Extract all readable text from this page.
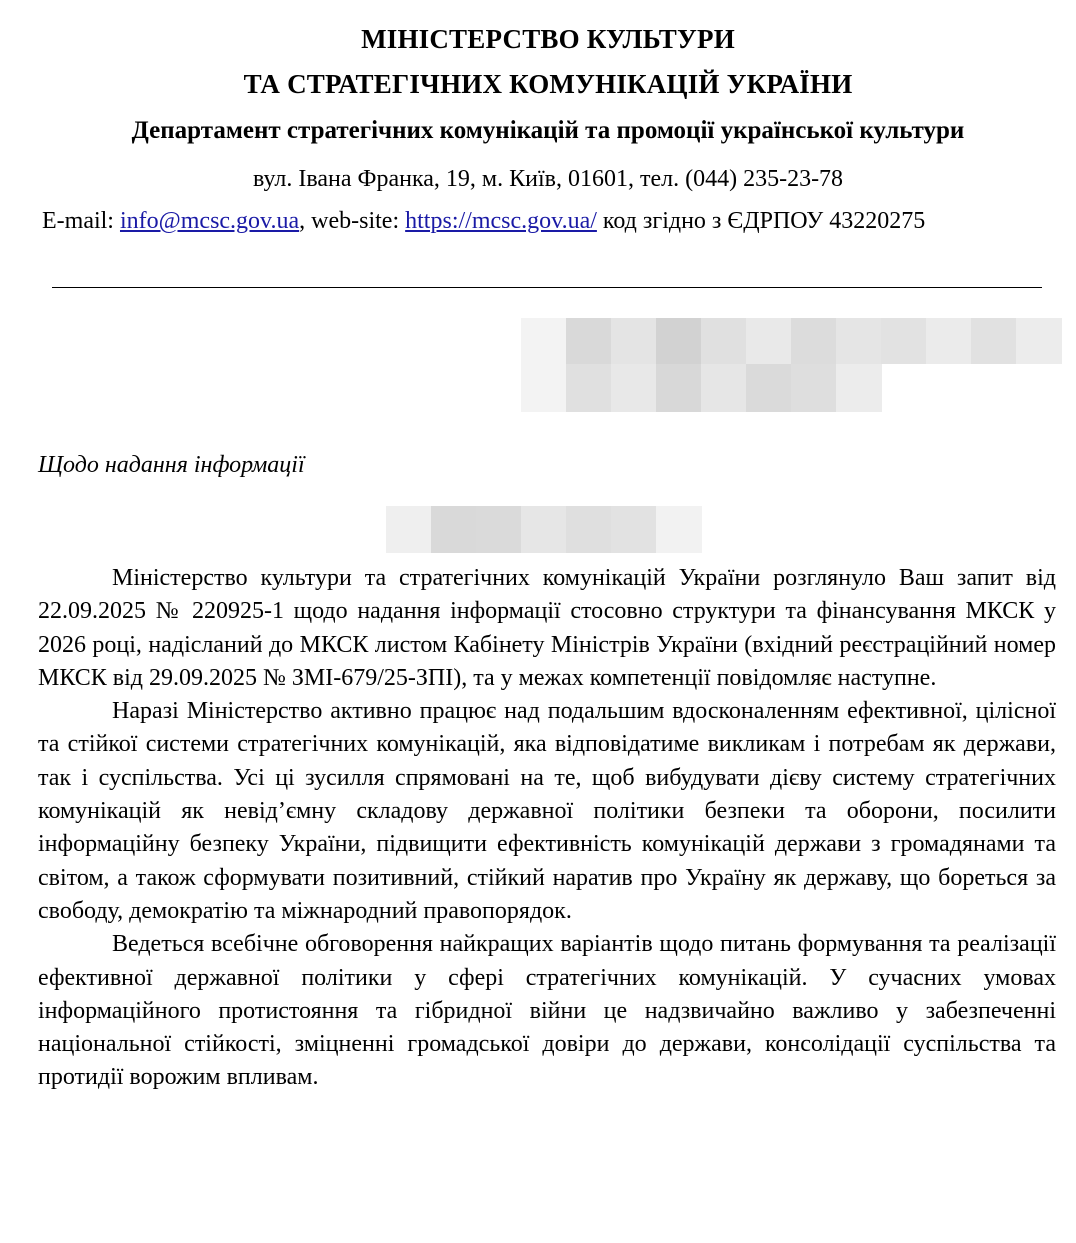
МІНІСТЕРСТВО КУЛЬТУРИ
ТА СТРАТЕГІЧНИХ КОМУНІКАЦІЙ УКРАЇНИ
Департамент стратегічних комунікацій та промоції української культури
вул. Івана Франка, 19, м. Київ, 01601, тел. (044) 235-23-78
E-mail: info@mcsc.gov.ua, web-site: https://mcsc.gov.ua/ код згідно з ЄДРПОУ 43220275
Щодо надання інформації

Міністерство культури та стратегічних комунікацій України розглянуло Ваш запит від 22.09.2025 № 220925-1 щодо надання інформації стосовно структури та фінансування МКСК у 2026 році, надісланий до МКСК листом Кабінету Міністрів України (вхідний реєстраційний номер МКСК від 29.09.2025 № ЗМІ-679/25-ЗПІ), та у межах компетенції повідомляє наступне.

Наразі Міністерство активно працює над подальшим вдосконаленням ефективної, цілісної та стійкої системи стратегічних комунікацій, яка відповідатиме викликам і потребам як держави, так і суспільства. Усі ці зусилля спрямовані на те, щоб вибудувати дієву систему стратегічних комунікацій як невід’ємну складову державної політики безпеки та оборони, посилити інформаційну безпеку України, підвищити ефективність комунікацій держави з громадянами та світом, а також сформувати позитивний, стійкий наратив про Україну як державу, що бореться за свободу, демократію та міжнародний правопорядок.

Ведеться всебічне обговорення найкращих варіантів щодо питань формування та реалізації ефективної державної політики у сфері стратегічних комунікацій. У сучасних умовах інформаційного протистояння та гібридної війни це надзвичайно важливо у забезпеченні національної стійкості, зміцненні громадської довіри до держави, консолідації суспільства та протидії ворожим впливам.
